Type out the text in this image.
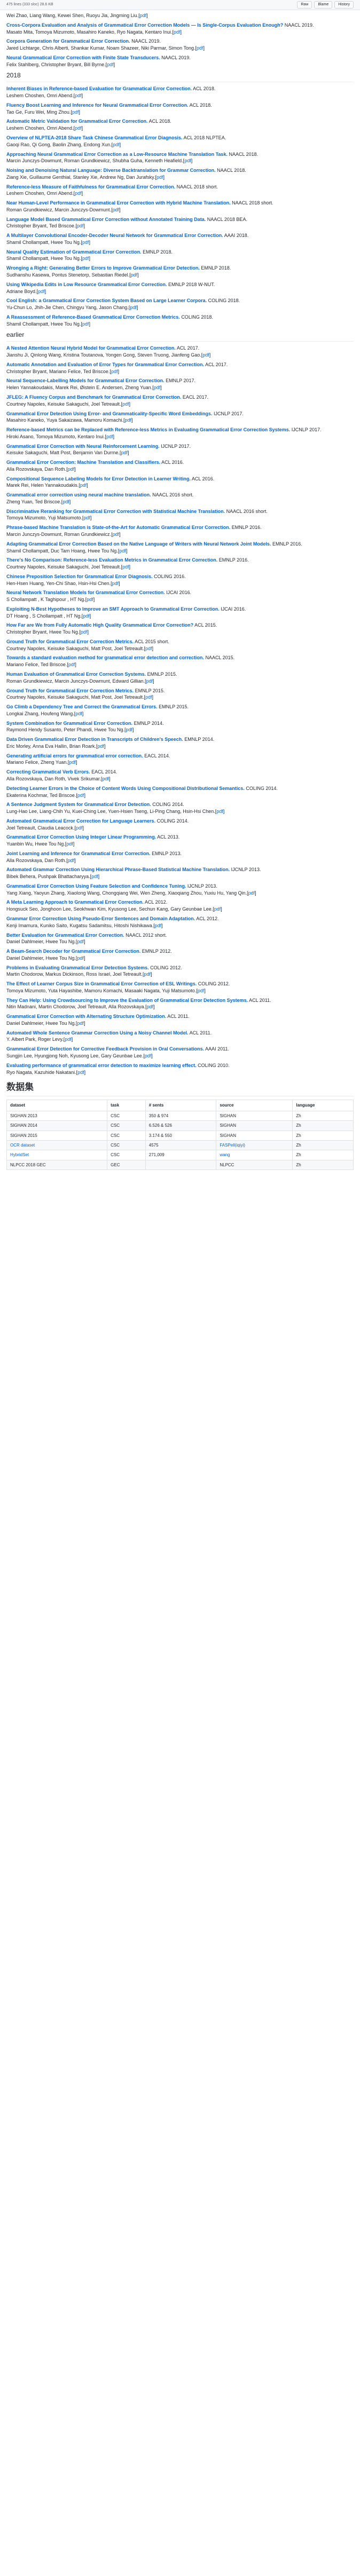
475 lines (333 sloc) 28.6 KB	Raw	Blame	History
Wei Zhao, Liang Wang, Kewei Shen, Ruoyu Jia, Jingming Liu.[pdf]
Cross-Corpora Evaluation and Analysis of Grammatical Error Correction Models — Is Single-Corpus Evaluation Enough? NAACL 2019.
Masato Mita, Tomoya Mizumoto, Masahiro Kaneko, Ryo Nagata, Kentaro Inui.[pdf]
Corpora Generation for Grammatical Error Correction. NAACL 2019.
Jared Lichtarge, Chris Alberti, Shankar Kumar, Noam Shazeer, Niki Parmar, Simon Tong.[pdf]
Neural Grammatical Error Correction with Finite State Transducers. NAACL 2019.
Felix Stahlberg, Christopher Bryant, Bill Byrne.[pdf]
2018
Inherent Biases in Reference-based Evaluation for Grammatical Error Correction. ACL 2018.
Leshem Choshen, Omri Abend.[pdf]
Fluency Boost Learning and Inference for Neural Grammatical Error Correction. ACL 2018.
Tao Ge, Furu Wei, Ming Zhou.[pdf]
Automatic Metric Validation for Grammatical Error Correction. ACL 2018.
Leshem Choshen, Omri Abend.[pdf]
Overview of NLPTEA-2018 Share Task Chinese Grammatical Error Diagnosis. ACL 2018 NLPTEA.
Gaoqi Rao, Qi Gong, Baolin Zhang, Endong Xun.[pdf]
Approaching Neural Grammatical Error Correction as a Low-Resource Machine Translation Task. NAACL 2018.
Marcin Junczys-Dowmunt, Roman Grundkiewicz, Shubha Guha, Kenneth Heafield.[pdf]
Noising and Denoising Natural Language: Diverse Backtranslation for Grammar Correction. NAACL 2018.
Ziang Xie, Guillaume Genthial, Stanley Xie, Andrew Ng, Dan Jurafsky.[pdf]
Reference-less Measure of Faithfulness for Grammatical Error Correction. NAACL 2018 short.
Leshem Choshen, Omri Abend.[pdf]
Near Human-Level Performance in Grammatical Error Correction with Hybrid Machine Translation. NAACL 2018 short.
Roman Grundkiewicz, Marcin Junczys-Dowmunt.[pdf]
Language Model Based Grammatical Error Correction without Annotated Training Data. NAACL 2018 BEA.
Christopher Bryant, Ted Briscoe.[pdf]
A Multilayer Convolutional Encoder-Decoder Neural Network for Grammatical Error Correction. AAAI 2018.
Shamil Chollampatt, Hwee Tou Ng.[pdf]
Neural Quality Estimation of Grammatical Error Correction. EMNLP 2018.
Shamil Chollampatt, Hwee Tou Ng.[pdf]
Wronging a Right: Generating Better Errors to Improve Grammatical Error Detection. EMNLP 2018.
Sudhanshu Kasewa, Pontus Stenetorp, Sebastian Riedel.[pdf]
Using Wikipedia Edits in Low Resource Grammatical Error Correction. EMNLP 2018 W-NUT.
Adriane Boyd.[pdf]
Cool English: a Grammatical Error Correction System Based on Large Learner Corpora. COLING 2018.
Yu-Chun Lo, Jhih-Jie Chen, Chingyu Yang, Jason Chang.[pdf]
A Reassessment of Reference-Based Grammatical Error Correction Metrics. COLING 2018.
Shamil Chollampatt, Hwee Tou Ng.[pdf]
earlier
A Nested Attention Neural Hybrid Model for Grammatical Error Correction. ACL 2017.
Jianshu Ji, Qinlong Wang, Kristina Toutanova, Yongen Gong, Steven Truong, Jianfeng Gao.[pdf]
Automatic Annotation and Evaluation of Error Types for Grammatical Error Correction. ACL 2017.
Christopher Bryant, Mariano Felice, Ted Briscoe.[pdf]
Neural Sequence-Labelling Models for Grammatical Error Correction. EMNLP 2017.
Helen Yannakoudakis, Marek Rei, Øistein E. Andersen, Zheng Yuan.[pdf]
JFLEG: A Fluency Corpus and Benchmark for Grammatical Error Correction. EACL 2017.
Courtney Napoles, Keisuke Sakaguchi, Joel Tetreault.[pdf]
Grammatical Error Detection Using Error- and Grammaticality-Specific Word Embeddings. IJCNLP 2017.
Masahiro Kaneko, Yuya Sakaizawa, Mamoru Komachi.[pdf]
Reference-based Metrics can be Replaced with Reference-less Metrics in Evaluating Grammatical Error Correction Systems. IJCNLP 2017.
Hiroki Asano, Tomoya Mizumoto, Kentaro Inui.[pdf]
Grammatical Error Correction with Neural Reinforcement Learning. IJCNLP 2017.
Keisuke Sakaguchi, Matt Post, Benjamin Van Durme.[pdf]
Grammatical Error Correction: Machine Translation and Classifiers. ACL 2016.
Alla Rozovskaya, Dan Roth.[pdf]
Compositional Sequence Labeling Models for Error Detection in Learner Writing. ACL 2016.
Marek Rei, Helen Yannakoudakis.[pdf]
Grammatical error correction using neural machine translation. NAACL 2016 short.
Zheng Yuan, Ted Briscoe.[pdf]
Discriminative Reranking for Grammatical Error Correction with Statistical Machine Translation. NAACL 2016 short.
Tomoya Mizumoto, Yuji Matsumoto.[pdf]
Phrase-based Machine Translation is State-of-the-Art for Automatic Grammatical Error Correction. EMNLP 2016.
Marcin Junczys-Dowmunt, Roman Grundkiewicz.[pdf]
Adapting Grammatical Error Correction Based on the Native Language of Writers with Neural Network Joint Models. EMNLP 2016.
Shamil Chollampatt, Duc Tam Hoang, Hwee Tou Ng.[pdf]
There's No Comparison: Reference-less Evaluation Metrics in Grammatical Error Correction. EMNLP 2016.
Courtney Napoles, Keisuke Sakaguchi, Joel Tetreault.[pdf]
Chinese Preposition Selection for Grammatical Error Diagnosis. COLING 2016.
Hen-Hsen Huang, Yen-Chi Shao, Hsin-Hsi Chen.[pdf]
Neural Network Translation Models for Grammatical Error Correction. IJCAI 2016.
S Chollampatt , K Taghipour , HT Ng.[pdf]
Exploiting N-Best Hypotheses to Improve an SMT Approach to Grammatical Error Correction. IJCAI 2016.
DT Hoang , S Chollampatt , HT Ng.[pdf]
How Far are We from Fully Automatic High Quality Grammatical Error Correction? ACL 2015.
Christopher Bryant, Hwee Tou Ng.[pdf]
Ground Truth for Grammatical Error Correction Metrics. ACL 2015 short.
Courtney Napoles, Keisuke Sakaguchi, Matt Post, Joel Tetreault.[pdf]
Towards a standard evaluation method for grammatical error detection and correction. NAACL 2015.
Mariano Felice, Ted Briscoe.[pdf]
Human Evaluation of Grammatical Error Correction Systems. EMNLP 2015.
Roman Grundkiewicz, Marcin Junczys-Dowmunt, Edward Gillian.[pdf]
Ground Truth for Grammatical Error Correction Metrics. EMNLP 2015.
Courtney Napoles, Keisuke Sakaguchi, Matt Post, Joel Tetreault.[pdf]
Go Climb a Dependency Tree and Correct the Grammatical Errors. EMNLP 2015.
Longkai Zhang, Houfeng Wang.[pdf]
System Combination for Grammatical Error Correction. EMNLP 2014.
Raymond Hendy Susanto, Peter Phandi, Hwee Tou Ng.[pdf]
Data Driven Grammatical Error Detection in Transcripts of Children's Speech. EMNLP 2014.
Eric Morley, Anna Eva Hallin, Brian Roark.[pdf]
Generating artificial errors for grammatical error correction. EACL 2014.
Mariano Felice, Zheng Yuan.[pdf]
Correcting Grammatical Verb Errors. EACL 2014.
Alla Rozovskaya, Dan Roth, Vivek Srikumar.[pdf]
Detecting Learner Errors in the Choice of Content Words Using Compositional Distributional Semantics. COLING 2014.
Ekaterina Kochmar, Ted Briscoe.[pdf]
A Sentence Judgment System for Grammatical Error Detection. COLING 2014.
Lung-Hao Lee, Liang-Chih Yu, Kuei-Ching Lee, Yuen-Hsien Tseng, Li-Ping Chang, Hsin-Hsi Chen.[pdf]
Automated Grammatical Error Correction for Language Learners. COLING 2014.
Joel Tetreault, Claudia Leacock.[pdf]
Grammatical Error Correction Using Integer Linear Programming. ACL 2013.
Yuanbin Wu, Hwee Tou Ng.[pdf]
Joint Learning and Inference for Grammatical Error Correction. EMNLP 2013.
Alla Rozovskaya, Dan Roth.[pdf]
Automated Grammar Correction Using Hierarchical Phrase-Based Statistical Machine Translation. IJCNLP 2013.
Bibek Behera, Pushpak Bhattacharyya.[pdf]
Grammatical Error Correction Using Feature Selection and Confidence Tuning. IJCNLP 2013.
Yang Xiang, Yaoyun Zhang, Xiaolong Wang, Chongqiang Wei, Wen Zheng, Xiaoqiang Zhou, Yuxiu Hu, Yang Qin.[pdf]
A Meta Learning Approach to Grammatical Error Correction. ACL 2012.
Hongsuck Seo, Jonghoon Lee, Seokhwan Kim, Kyusong Lee, Sechun Kang, Gary Geunbae Lee.[pdf]
Grammar Error Correction Using Pseudo-Error Sentences and Domain Adaptation. ACL 2012.
Kenji Imamura, Kuniko Saito, Kugatsu Sadamitsu, Hitoshi Nishikawa.[pdf]
Better Evaluation for Grammatical Error Correction. NAACL 2012 short.
Daniel Dahlmeier, Hwee Tou Ng.[pdf]
A Beam-Search Decoder for Grammatical Error Correction. EMNLP 2012.
Daniel Dahlmeier, Hwee Tou Ng.[pdf]
Problems in Evaluating Grammatical Error Detection Systems. COLING 2012.
Martin Chodorow, Markus Dickinson, Ross Israel, Joel Tetreault.[pdf]
The Effect of Learner Corpus Size in Grammatical Error Correction of ESL Writings. COLING 2012.
Tomoya Mizumoto, Yuta Hayashibe, Mamoru Komachi, Masaaki Nagata, Yuji Matsumoto.[pdf]
They Can Help: Using Crowdsourcing to Improve the Evaluation of Grammatical Error Detection Systems. ACL 2011.
Nitin Madnani, Martin Chodorow, Joel Tetreault, Alla Rozovskaya.[pdf]
Grammatical Error Correction with Alternating Structure Optimization. ACL 2011.
Daniel Dahlmeier, Hwee Tou Ng.[pdf]
Automated Whole Sentence Grammar Correction Using a Noisy Channel Model. ACL 2011.
Y. Albert Park, Roger Levy.[pdf]
Grammatical Error Detection for Corrective Feedback Provision in Oral Conversations. AAAI 2011.
Sungjin Lee, Hyungjong Noh, Kyusong Lee, Gary Geunbae Lee.[pdf]
Evaluating performance of grammatical error detection to maximize learning effect. COLING 2010.
Ryo Nagata, Kazuhide Nakatani.[pdf]
数据集
dataset	task	# sents	source	language
SIGHAN 2013	CSC	350 & 974	SIGHAN	Zh
SIGHAN 2014	CSC	6.526 & 526	SIGHAN	Zh
SIGHAN 2015	CSC	3.174 & 550	SIGHAN	Zh
OCR dataset	CSC	4575	FASPell(iqiyi)	Zh
HybridSet	CSC	271,009	wang	Zh
NLPCC 2018 GEC	GEC		NLPCC	Zh
